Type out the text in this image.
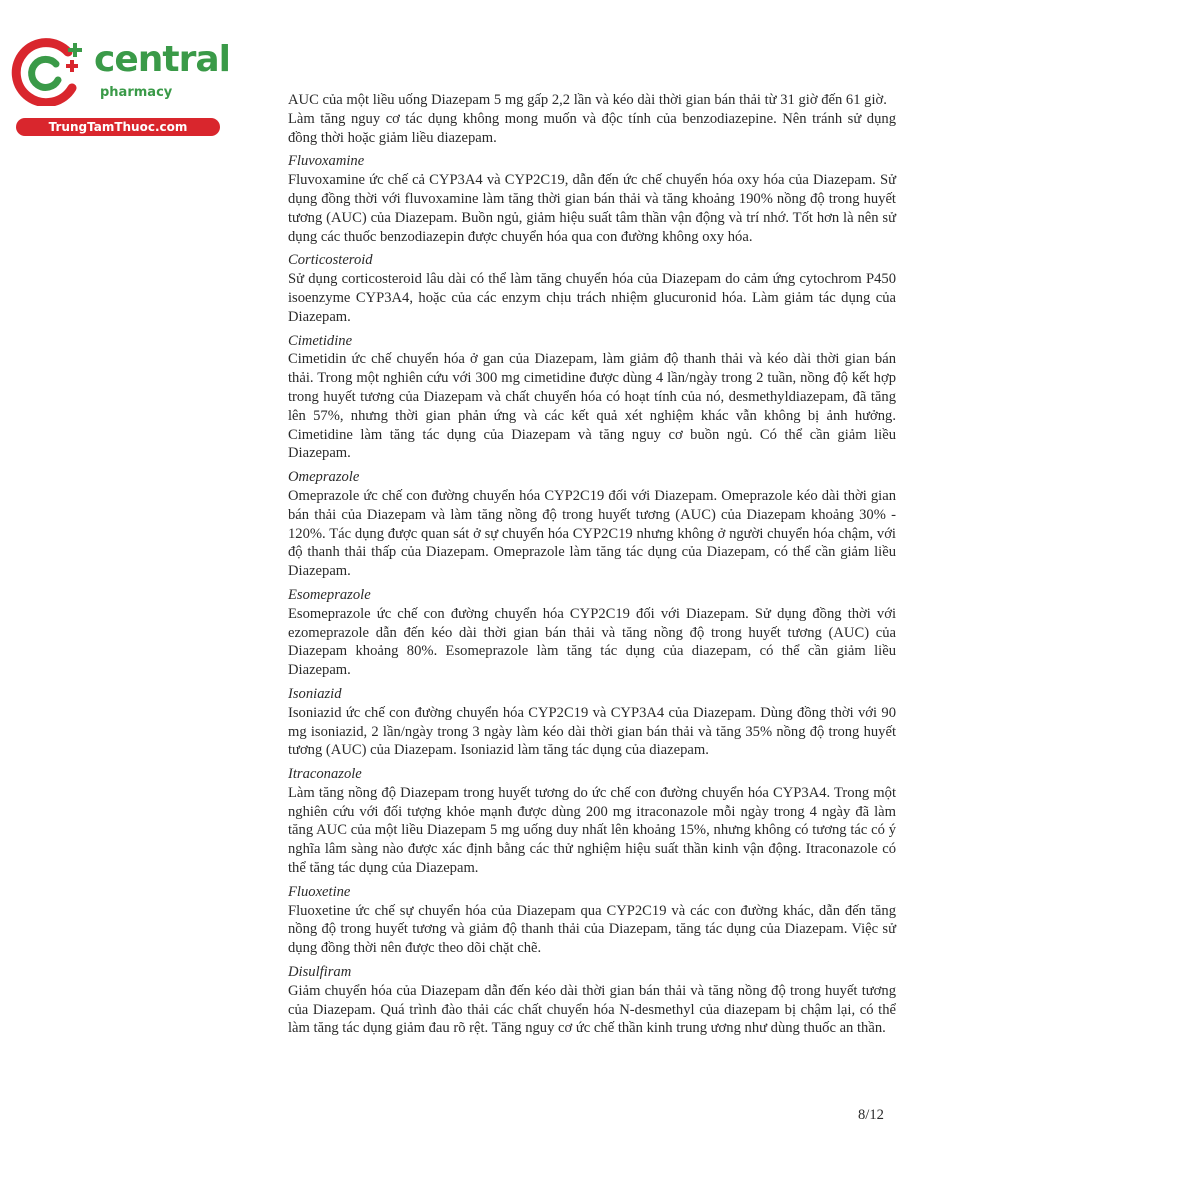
central
pharmacy
TrungTamThuoc.com

AUC của một liều uống Diazepam 5 mg gấp 2,2 lần và kéo dài thời gian bán thải từ 31 giờ đến 61 giờ.

Làm tăng nguy cơ tác dụng không mong muốn và độc tính của benzodiazepine. Nên tránh sử dụng đồng thời hoặc giảm liều diazepam.

Fluvoxamine

Fluvoxamine ức chế cả CYP3A4 và CYP2C19, dẫn đến ức chế chuyển hóa oxy hóa của Diazepam. Sử dụng đồng thời với fluvoxamine làm tăng thời gian bán thải và tăng khoảng 190% nồng độ trong huyết tương (AUC) của Diazepam. Buồn ngủ, giảm hiệu suất tâm thần vận động và trí nhớ. Tốt hơn là nên sử dụng các thuốc benzodiazepin được chuyển hóa qua con đường không oxy hóa.

Corticosteroid

Sử dụng corticosteroid lâu dài có thể làm tăng chuyển hóa của Diazepam do cảm ứng cytochrom P450 isoenzyme CYP3A4, hoặc của các enzym chịu trách nhiệm glucuronid hóa. Làm giảm tác dụng của Diazepam.

Cimetidine

Cimetidin ức chế chuyển hóa ở gan của Diazepam, làm giảm độ thanh thải và kéo dài thời gian bán thải. Trong một nghiên cứu với 300 mg cimetidine được dùng 4 lần/ngày trong 2 tuần, nồng độ kết hợp trong huyết tương của Diazepam và chất chuyển hóa có hoạt tính của nó, desmethyldiazepam, đã tăng lên 57%, nhưng thời gian phản ứng và các kết quả xét nghiệm khác vẫn không bị ảnh hưởng. Cimetidine làm tăng tác dụng của Diazepam và tăng nguy cơ buồn ngủ. Có thể cần giảm liều Diazepam.

Omeprazole

Omeprazole ức chế con đường chuyển hóa CYP2C19 đối với Diazepam. Omeprazole kéo dài thời gian bán thải của Diazepam và làm tăng nồng độ trong huyết tương (AUC) của Diazepam khoảng 30% - 120%. Tác dụng được quan sát ở sự chuyển hóa CYP2C19 nhưng không ở người chuyển hóa chậm, với độ thanh thải thấp của Diazepam. Omeprazole làm tăng tác dụng của Diazepam, có thể cần giảm liều Diazepam.

Esomeprazole

Esomeprazole ức chế con đường chuyển hóa CYP2C19 đối với Diazepam. Sử dụng đồng thời với ezomeprazole dẫn đến kéo dài thời gian bán thải và tăng nồng độ trong huyết tương (AUC) của Diazepam khoảng 80%. Esomeprazole làm tăng tác dụng của diazepam, có thể cần giảm liều Diazepam.

Isoniazid

Isoniazid ức chế con đường chuyển hóa CYP2C19 và CYP3A4 của Diazepam. Dùng đồng thời với 90 mg isoniazid, 2 lần/ngày trong 3 ngày làm kéo dài thời gian bán thải và tăng 35% nồng độ trong huyết tương (AUC) của Diazepam. Isoniazid làm tăng tác dụng của diazepam.

Itraconazole

Làm tăng nồng độ Diazepam trong huyết tương do ức chế con đường chuyển hóa CYP3A4. Trong một nghiên cứu với đối tượng khỏe mạnh được dùng 200 mg itraconazole mỗi ngày trong 4 ngày đã làm tăng AUC của một liều Diazepam 5 mg uống duy nhất lên khoảng 15%, nhưng không có tương tác có ý nghĩa lâm sàng nào được xác định bằng các thử nghiệm hiệu suất thần kinh vận động. Itraconazole có thể tăng tác dụng của Diazepam.

Fluoxetine

Fluoxetine ức chế sự chuyển hóa của Diazepam qua CYP2C19 và các con đường khác, dẫn đến tăng nồng độ trong huyết tương và giảm độ thanh thải của Diazepam, tăng tác dụng của Diazepam. Việc sử dụng đồng thời nên được theo dõi chặt chẽ.

Disulfiram

Giảm chuyển hóa của Diazepam dẫn đến kéo dài thời gian bán thải và tăng nồng độ trong huyết tương của Diazepam. Quá trình đào thải các chất chuyển hóa N-desmethyl của diazepam bị chậm lại, có thể làm tăng tác dụng giảm đau rõ rệt. Tăng nguy cơ ức chế thần kinh trung ương như dùng thuốc an thần.

8/12
